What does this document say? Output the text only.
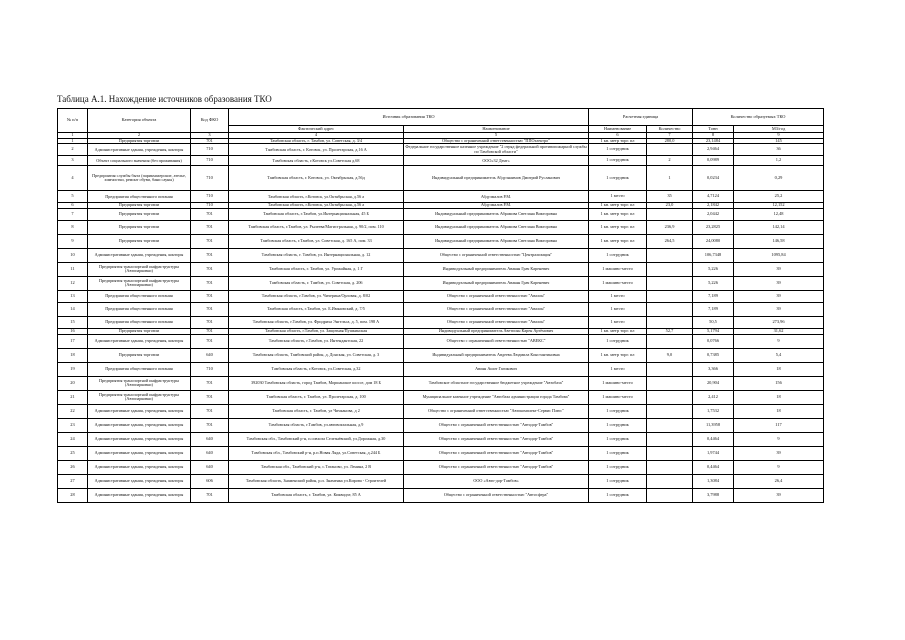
Таблица А.1. Нахождение источников образования ТКО
№ п/п	Категория объекта	Код ФКО	Источник образования ТКО		Расчетная единица		Количество образуемых ТКО	
			Фактический адрес	Наименование	Наименование	Количество	Тонн	М3/год
1	2	3	4	5	6	7	8	9
1	Предприятия торговли	701	Тамбовская область, г. Тамбов, ул. Советская, д. 3/4	Общество с ограниченной ответственностью "ППОэлектро"	1 кв. метр торг. пл	280,0	23,1484	145
2	Административные здания, учреждения, конторы	710	Тамбовская область, г. Котовск, ул. Пролетарская, д.16 А	Федеральное государственное казенное учреждение "2 отряд федеральной противопожарной службы по Тамбовской области"	1 сотрудник		2,9464	36
3	Объект социального значения (без проживания)	710	Тамбовская область, г.Котовск ул.Советская д.68	ООО«32 Дент»	1 сотрудник	2	0,0989	1,2
4	Предприятия службы быта (парикмахерские, ателье, химчистки, ремонт обуви, бани сауны)	710	Тамбовская область, г. Котовск, ул. Октябрьская, д.56д	Индивидуальный предприниматель Абдулнаимов Дмитрий Русланович	1 сотрудник	1	0,0234	0,29
5	Предприятия общественного питания	710	Тамбовская область, г.Котовск, ул.Октябрьская, д.56 а	Абдулмалов Р.М.	1 место	35	4,7124	25,2
6	Предприятия торговли	710	Тамбовская область, г.Котовск, ул.Октябрьская, д.56 а	Абдулмалов Р.М.	1 кв. метр торг. пл	23,0	2,1842	12,152
7	Предприятия торговли	701	Тамбовская область, г.Тамбов, ул.Интернациональная, 45 Б	Индивидуальный предприниматель Абрамова Светлана Викторовна	1 кв. метр торг. пл		2,0442	12,48
8	Предприятия торговли	701	Тамбовская область, г.Тамбов, ул. Рылеева/Магистральная, д. 90/2, пом. 110	Индивидуальный предприниматель Абрамова Светлана Викторовна	1 кв. метр торг. пл	236,9	23,2825	142,14
9	Предприятия торговли	701	Тамбовская область, г.Тамбов, ул. Советская, д. 165 А, пом. 33	Индивидуальный предприниматель Абрамова Светлана Викторовна	1 кв. метр торг. пл	264,5	24,0080	146,58
10	Административные здания, учреждения, конторы	701	Тамбовская область, г. Тамбов, ул. Интернациональная, д. 12	Общество с ограниченной ответственностью "Централизация"	1 сотрудник		106,7348	1095,84
11	Предприятия транспортной инфраструктуры (Автопарковки)	701	Тамбовская область, г. Тамбов, ул. Урожайная, д. 1 Г	Индивидуальный предприниматель Авакян Грач Кареневич	1 машино-место		5,226	39
12	Предприятия транспортной инфраструктуры (Автопарковки)	701	Тамбовская область, г. Тамбов, ул. Советская, д. 206	Индивидуальный предприниматель Авакян Грач Кареневич	1 машино-место		5,226	39
13	Предприятия общественного питания	701	Тамбовская область, г.Тамбов, ул. Чичерина/Орловая, д. 8/02	Общество с ограниченной ответственностью "Авалон"	1 место		7,189	39
14	Предприятия общественного питания	701	Тамбовская область, г.Тамбов, ул. Б.Ивановский, д. 7/5	Общество с ограниченной ответственностью "Авалон"	1 место		7,189	39
15	Предприятия общественного питания	701	Тамбовская область, г.Тамбов, ул. Фридриха Энгельса, д. 5, пом. 198 А	Общество с ограниченной ответственностью "Авалон"	1 место		50,5	273,96
16	Предприятия торговли	701	Тамбовская область, г.Тамбов, ул. Защитная/Пушкинская	Индивидуальный предприниматель Аветисян Карен Артёмович	1 кв. метр торг. пл	52,7	5,1794	31,62
17	Административные здания, учреждения, конторы	701	Тамбовская область, г.Тамбов, ул. Интендантская, 22	Общество с ограниченной ответственностью "АВЕКС"	1 сотрудник		0,0766	9
18	Предприятия торговли	640	Тамбовская область, Тамбовский район, д. Донская, ул. Советская, д. 3	Индивидуальный предприниматель Авдеева Людмила Константиновна	1 кв. метр торг. пл	9,0	0,7385	5,4
19	Предприятия общественного питания	710	Тамбовская область, г.Котовск, ул.Советская, д.32	Авоян Ашот Гагикович	1 место		3,366	18
20	Предприятия транспортной инфраструктуры (Автопарковки)	701	392030 Тамбовская область, город Тамбов, Моршанское шоссе, дом 18 Б	Тамбовское областное государственное бюджетное учреждение "Автобаза"	1 машино-место		20,904	156
21	Предприятия транспортной инфраструктуры (Автопарковки)	701	Тамбовская область, г. Тамбов, ул. Пролетарская, д. 100	Муниципальное казенное учреждение "Автобаза администрации города Тамбова"	1 машино-место		2,412	18
22	Административные здания, учреждения, конторы	701	Тамбовская область, г. Тамбов, ул Чичканова, д 2	Общество с ограниченной ответственностью "Автокомплект-Сервис Плюс"	1 сотрудник		1,7532	18
23	Административные здания, учреждения, конторы	701	Тамбовская область, г.Тамбов, ул.автовокзальная, д.9	Общество с ограниченной ответственностью "Автодор-Тамбов"	1 сотрудник		11,3958	117
24	Административные здания, учреждения, конторы	640	Тамбовская обл., Тамбовский р-н, п.совхоза Селезнёвский, ул.Дорожная, д.30	Общество с ограниченной ответственностью "Автодор-Тамбов"	1 сотрудник		0,4464	9
25	Административные здания, учреждения, конторы	640	Тамбовская обл., Тамбовский р-н, р.п.Новая Ляда, ул.Советская, д.244 Б	Общество с ограниченной ответственностью "Автодор-Тамбов"	1 сотрудник		1,9744	39
26	Административные здания, учреждения, конторы	640	Тамбовская обл., Тамбовский р-н, с.Татаново, ул. Ленина, 2 В	Общество с ограниченной ответственностью "Автодор-Тамбов"	1 сотрудник		0,4464	9
27	Административные здания, учреждения, конторы	606	Тамбовская область, Знаменский район, р.п. Знаменка ул.Кирова - Строителей	ООО «Авто-дор-Тамбов»	1 сотрудник		1,3084	26,4
28	Административные здания, учреждения, конторы	701	Тамбовская область, г. Тамбов, ул. Киквидзе, 85 А	Общество с ограниченной ответственностью "Автосфера"	1 сотрудник		3,7988	39
